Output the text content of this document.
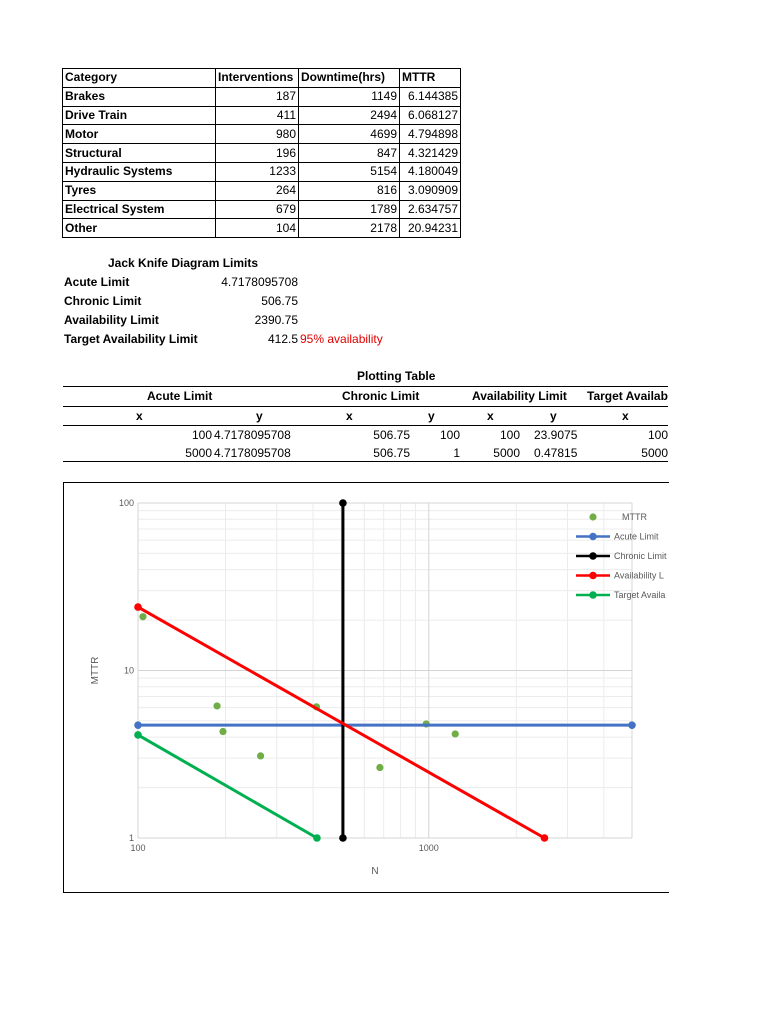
Category	Interventions	Downtime(hrs)	MTTR
Brakes	187	1149	6.144385
Drive Train	411	2494	6.068127
Motor	980	4699	4.794898
Structural	196	847	4.321429
Hydraulic Systems	1233	5154	4.180049
Tyres	264	816	3.090909
Electrical System	679	1789	2.634757
Other	104	2178	20.94231
Jack Knife Diagram Limits
Acute Limit	4.7178095708
Chronic Limit	506.75
Availability Limit	2390.75
Target Availability Limit	412.5 95% availability
Plotting Table
Acute Limit	Chronic Limit	Availability Limit Target Availab
x	y	x	y	x	y	x
100 4.7178095708	506.75	100	100 23.9075	100
5000 4.7178095708	506.75	1	5000 0.47815	5000
1
10
100
100	1000
N
MTTR
MTTR
Acute Limit
Chronic Limit
Availability L
Target Availa
